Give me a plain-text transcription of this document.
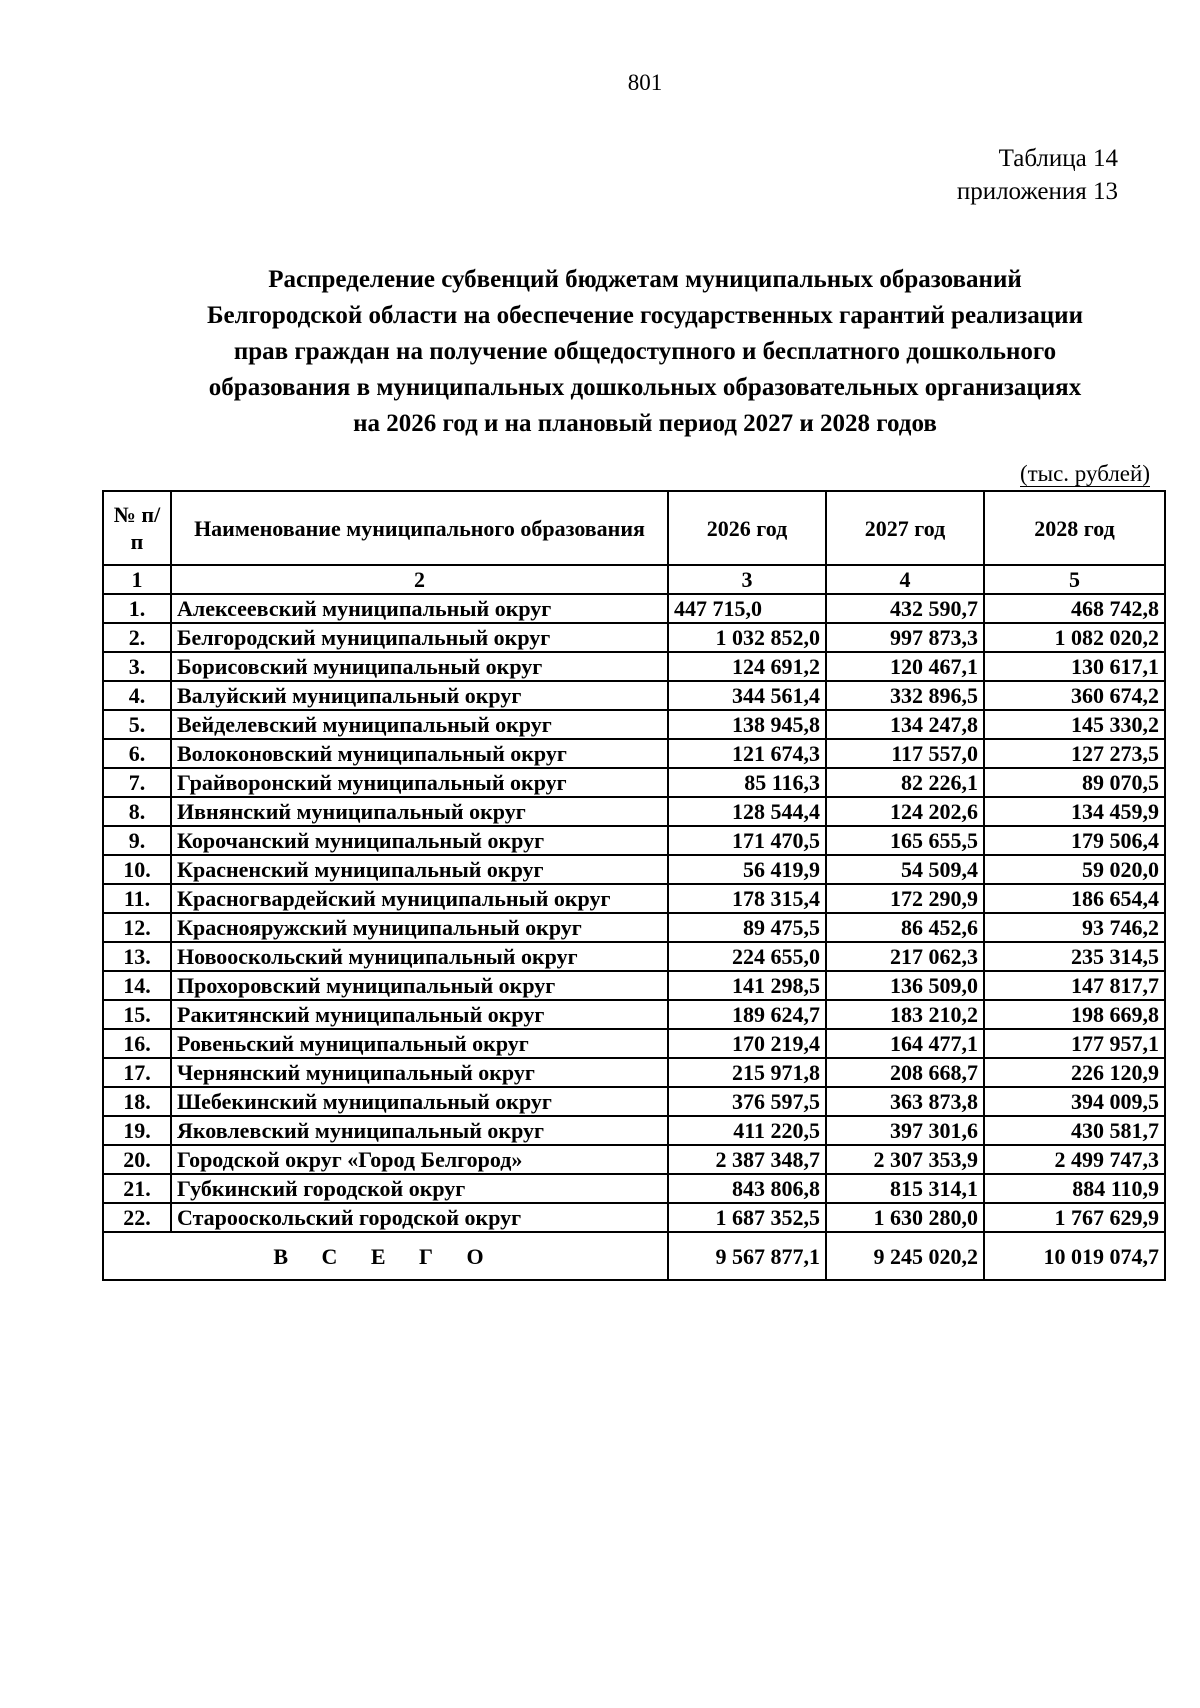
801
Таблица 14
приложения 13
Распределение субвенций бюджетам муниципальных образований
Белгородской области на обеспечение государственных гарантий реализации
прав граждан на получение общедоступного и бесплатного дошкольного
образования в муниципальных дошкольных образовательных организациях
на 2026 год и на плановый период 2027 и 2028 годов
(тыс. рублей)
№ п/п	Наименование муниципального образования	2026 год	2027 год	2028 год
1	2	3	4	5
1.	Алексеевский муниципальный округ	447 715,0	432 590,7	468 742,8
2.	Белгородский муниципальный округ	1 032 852,0	997 873,3	1 082 020,2
3.	Борисовский муниципальный округ	124 691,2	120 467,1	130 617,1
4.	Валуйский муниципальный округ	344 561,4	332 896,5	360 674,2
5.	Вейделевский муниципальный округ	138 945,8	134 247,8	145 330,2
6.	Волоконовский муниципальный округ	121 674,3	117 557,0	127 273,5
7.	Грайворонский муниципальный округ	85 116,3	82 226,1	89 070,5
8.	Ивнянский муниципальный округ	128 544,4	124 202,6	134 459,9
9.	Корочанский муниципальный округ	171 470,5	165 655,5	179 506,4
10.	Красненский муниципальный округ	56 419,9	54 509,4	59 020,0
11.	Красногвардейский муниципальный округ	178 315,4	172 290,9	186 654,4
12.	Краснояружский муниципальный округ	89 475,5	86 452,6	93 746,2
13.	Новооскольский муниципальный округ	224 655,0	217 062,3	235 314,5
14.	Прохоровский муниципальный округ	141 298,5	136 509,0	147 817,7
15.	Ракитянский муниципальный округ	189 624,7	183 210,2	198 669,8
16.	Ровеньский муниципальный округ	170 219,4	164 477,1	177 957,1
17.	Чернянский муниципальный округ	215 971,8	208 668,7	226 120,9
18.	Шебекинский муниципальный округ	376 597,5	363 873,8	394 009,5
19.	Яковлевский муниципальный округ	411 220,5	397 301,6	430 581,7
20.	Городской округ «Город Белгород»	2 387 348,7	2 307 353,9	2 499 747,3
21.	Губкинский городской округ	843 806,8	815 314,1	884 110,9
22.	Старооскольский городской округ	1 687 352,5	1 630 280,0	1 767 629,9
В С Е Г О		9 567 877,1	9 245 020,2	10 019 074,7
